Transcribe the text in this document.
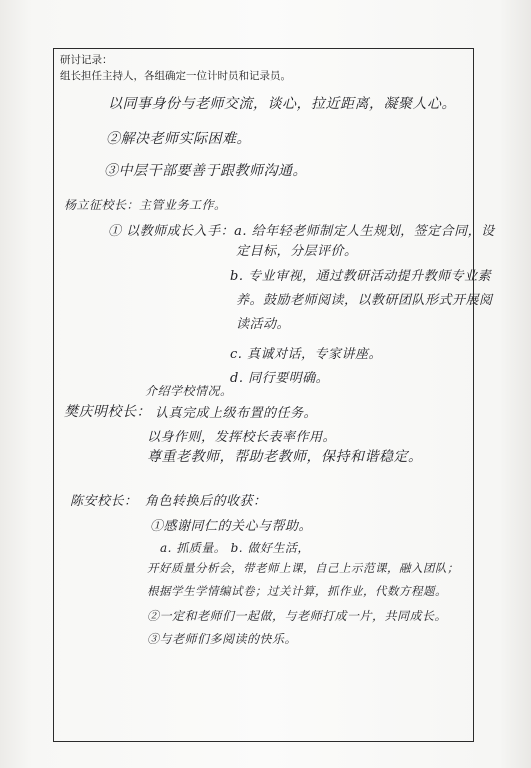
研讨记录：
组长担任主持人，各组确定一位计时员和记录员。
以同事身份与老师交流，谈心，拉近距离，凝聚人心。
②解决老师实际困难。
③中层干部要善于跟教师沟通。
杨立征校长：主管业务工作。
① 以教师成长入手：a. 给年轻老师制定人生规划，签定合同，设
定目标，分层评价。
b. 专业审视，通过教研活动提升教师专业素
养。鼓励老师阅读，以教研团队形式开展阅
读活动。
c. 真诚对话，专家讲座。
d. 同行要明确。
介绍学校情况。
樊庆明校长： 认真完成上级布置的任务。
以身作则，发挥校长表率作用。
尊重老教师，帮助老教师，保持和谐稳定。
陈安校长： 角色转换后的收获：
①感谢同仁的关心与帮助。
a. 抓质量。 b. 做好生活，
开好质量分析会，带老师上课，自己上示范课，融入团队；
根据学生学情编试卷；过关计算，抓作业，代数方程题。
②一定和老师们一起做，与老师打成一片，共同成长。
③与老师们多阅读的快乐。
